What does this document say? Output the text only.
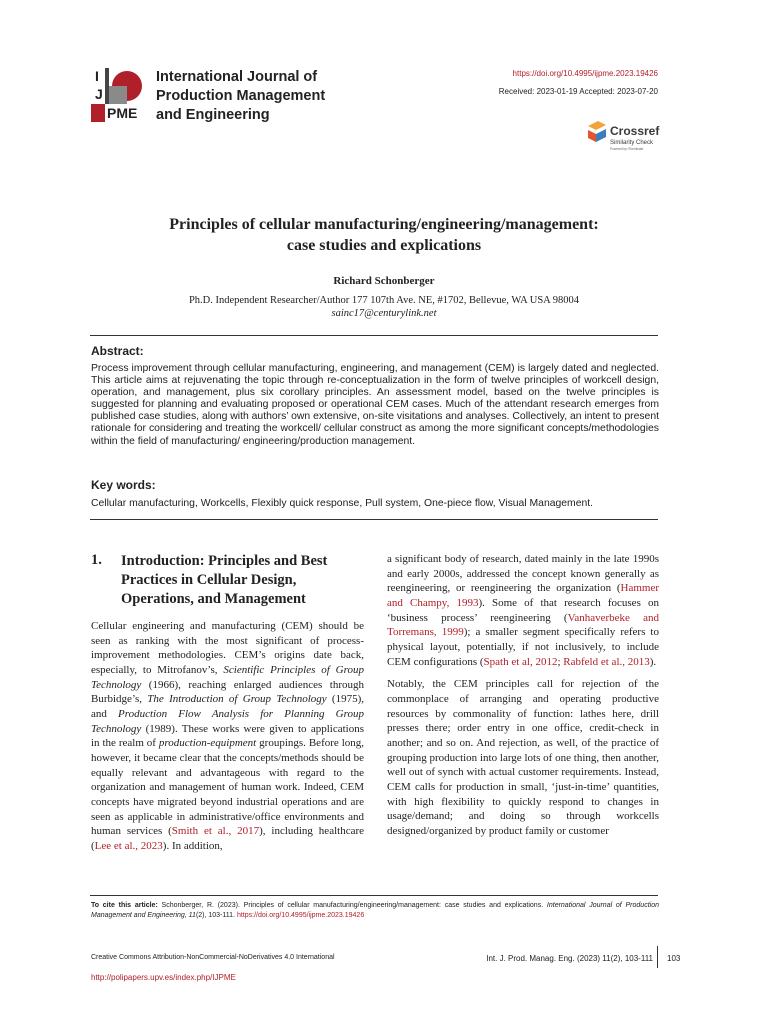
I
J
PME
International Journal of
Production Management
and Engineering
https://doi.org/10.4995/ijpme.2023.19426
Received: 2023-01-19 Accepted: 2023-07-20
Crossref
Similarity Check
Powered by iThenticate
Principles of cellular manufacturing/engineering/management:
case studies and explications
Richard Schonberger
Ph.D. Independent Researcher/Author 177 107th Ave. NE, #1702, Bellevue, WA USA 98004
sainc17@centurylink.net
Abstract:
Process improvement through cellular manufacturing, engineering, and management (CEM) is largely dated and neglected. This article aims at rejuvenating the topic through re-conceptualization in the form of twelve principles of workcell design, operation, and management, plus six corollary principles. An assessment model, based on the twelve principles is suggested for planning and evaluating proposed or operational CEM cases. Much of the attendant research emerges from published case studies, along with authors’ own extensive, on-site visitations and analyses. Collectively, an intent to present rationale for considering and treating the workcell/ cellular construct as among the more significant concepts/methodologies within the field of manufacturing/ engineering/production management.
Key words:
Cellular manufacturing, Workcells, Flexibly quick response, Pull system, One-piece flow, Visual Management.
1. Introduction: Principles and Best Practices in Cellular Design, Operations, and Management

Cellular engineering and manufacturing (CEM) should be seen as ranking with the most significant of process-improvement methodologies. CEM’s origins date back, especially, to Mitrofanov’s, Scientific Principles of Group Technology (1966), reaching enlarged audiences through Burbidge’s, The Introduction of Group Technology (1975), and Production Flow Analysis for Planning Group Technology (1989). These works were given to applications in the realm of production-equipment groupings. Before long, however, it became clear that the concepts/methods should be equally relevant and advantageous with regard to the organization and management of human work. Indeed, CEM concepts have migrated beyond industrial operations and are seen as applicable in administrative/office environments and human services (Smith et al., 2017), including healthcare (Lee et al., 2023). In addition,

a significant body of research, dated mainly in the late 1990s and early 2000s, addressed the concept known generally as reengineering, or reengineering the organization (Hammer and Champy, 1993). Some of that research focuses on ‘business process’ reengineering (Vanhaverbeke and Torremans, 1999); a smaller segment specifically refers to physical layout, potentially, if not inclusively, to include CEM configurations (Spath et al, 2012; Rabfeld et al., 2013).

Notably, the CEM principles call for rejection of the commonplace of arranging and operating productive resources by commonality of function: lathes here, drill presses there; order entry in one office, credit-check in another; and so on. And rejection, as well, of the practice of grouping production into large lots of one thing, then another, well out of synch with actual customer requirements. Instead, CEM calls for production in small, ‘just-in-time’ quantities, with high flexibility to quickly respond to changes in usage/demand; and doing so through workcells designed/organized by product family or customer

To cite this article: Schonberger, R. (2023). Principles of cellular manufacturing/engineering/management: case studies and explications. International Journal of Production Management and Engineering, 11(2), 103-111. https://doi.org/10.4995/ijpme.2023.19426
Creative Commons Attribution-NonCommercial-NoDerivatives 4.0 International	Int. J. Prod. Manag. Eng. (2023) 11(2), 103-111 103
http://polipapers.upv.es/index.php/IJPME
